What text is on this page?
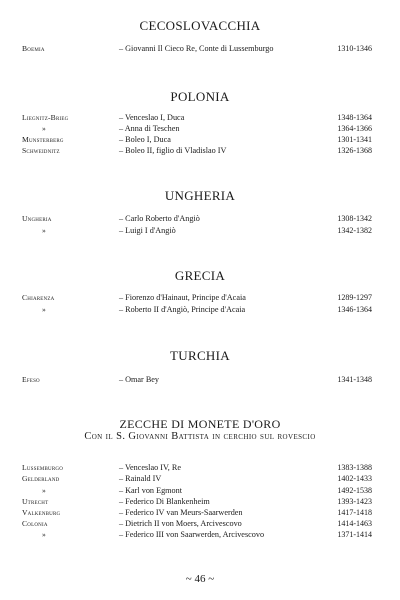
CECOSLOVACCHIA
Boemia	– Giovanni Il Cieco Re, Conte di Lussemburgo	1310-1346
POLONIA
Liegnitz-Brieg	– Venceslao I, Duca	1348-1364
»	– Anna di Teschen	1364-1366
Munsterberg	– Boleo I, Duca	1301-1341
Schweidnitz	– Boleo II, figlio di Vladislao IV	1326-1368
UNGHERIA
Ungheria	– Carlo Roberto d'Angiò	1308-1342
»	– Luigi I d'Angiò	1342-1382
GRECIA
Chiarenza	– Fiorenzo d'Hainaut, Principe d'Acaia	1289-1297
»	– Roberto II d'Angiò, Principe d'Acaia	1346-1364
TURCHIA
Efeso	– Omar Bey	1341-1348
ZECCHE DI MONETE D'ORO
Con il S. Giovanni Battista in cerchio sul rovescio
Lussemburgo	– Venceslao IV, Re	1383-1388
Gelderland	– Rainald IV	1402-1433
»	– Karl von Egmont	1492-1538
Utrecht	– Federico Di Blankenheim	1393-1423
Valkenburg	– Federico IV van Meurs-Saarwerden	1417-1418
Colonia	– Dietrich II von Moers, Arcivescovo	1414-1463
»	– Federico III von Saarwerden, Arcivescovo	1371-1414
~ 46 ~
